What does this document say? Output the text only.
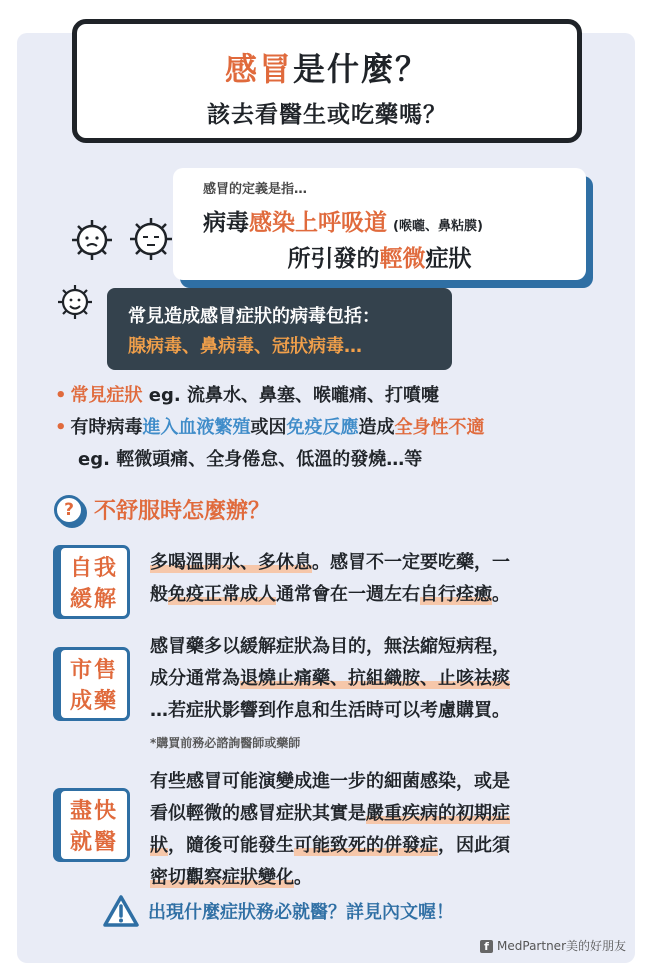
感冒是什麼？
該去看醫生或吃藥嗎？
感冒的定義是指…
病毒感染上呼吸道 (喉嚨、鼻粘膜)
所引發的輕微症狀
常見造成感冒症狀的病毒包括：
腺病毒、鼻病毒、冠狀病毒…
• 常見症狀 eg. 流鼻水、鼻塞、喉嚨痛、打噴嚏
• 有時病毒進入血液繁殖或因免疫反應造成全身性不適
eg. 輕微頭痛、全身倦怠、低溫的發燒…等
? 不舒服時怎麼辦？
自我
緩解
多喝溫開水、多休息。感冒不一定要吃藥，一
般免疫正常成人通常會在一週左右自行痊癒。
市售
成藥
感冒藥多以緩解症狀為目的，無法縮短病程，
成分通常為退燒止痛藥、抗組織胺、止咳祛痰
…若症狀影響到作息和生活時可以考慮購買。
*購買前務必諮詢醫師或藥師
盡快
就醫
有些感冒可能演變成進一步的細菌感染，或是
看似輕微的感冒症狀其實是嚴重疾病的初期症
狀，隨後可能發生可能致死的併發症，因此須
密切觀察症狀變化。
出現什麼症狀務必就醫？詳見內文喔！
f MedPartner美的好朋友
